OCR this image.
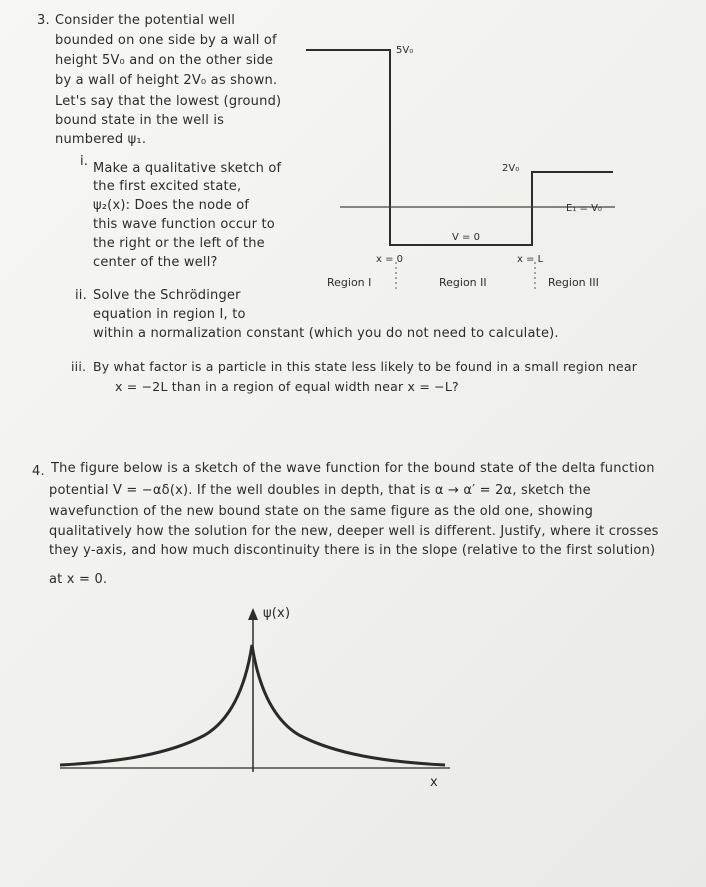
3. Consider the potential well
bounded on one side by a wall of
height 5V₀ and on the other side
by a wall of height 2V₀ as shown.
Let's say that the lowest (ground)
bound state in the well is
numbered ψ₁.
i. Make a qualitative sketch of
the first excited state,
ψ₂(x): Does the node of
this wave function occur to
the right or the left of the
center of the well?
ii. Solve the Schrödinger
equation in region I, to
within a normalization constant (which you do not need to calculate).
iii. By what factor is a particle in this state less likely to be found in a small region near
x = −2L than in a region of equal width near x = −L?
5V₀
2V₀
E₁ = V₀
V = 0
x = 0	x = L
Region I	Region II	Region III
4. The figure below is a sketch of the wave function for the bound state of the delta function
potential V = −αδ(x). If the well doubles in depth, that is α → α′ = 2α, sketch the
wavefunction of the new bound state on the same figure as the old one, showing
qualitatively how the solution for the new, deeper well is different. Justify, where it crosses
they y-axis, and how much discontinuity there is in the slope (relative to the first solution)
at x = 0.
ψ(x)
x
